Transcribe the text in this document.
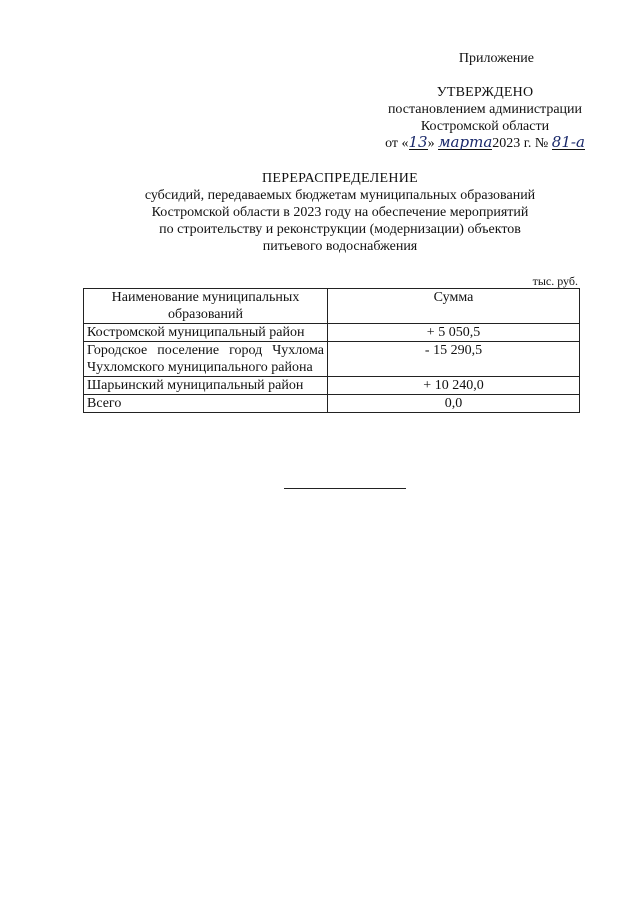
Приложение
УТВЕРЖДЕНО
постановлением администрации
Костромской области
от «13» марта2023 г. № 81-а
ПЕРЕРАСПРЕДЕЛЕНИЕ
субсидий, передаваемых бюджетам муниципальных образований
Костромской области в 2023 году на обеспечение мероприятий
по строительству и реконструкции (модернизации) объектов
питьевого водоснабжения
тыс. руб.
Наименование муниципальных образований	Сумма
Костромской муниципальный район	+ 5 050,5
Городское поселение город Чухлома Чухломского муниципального района	- 15 290,5
Шарьинский муниципальный район	+ 10 240,0
Всего	0,0
